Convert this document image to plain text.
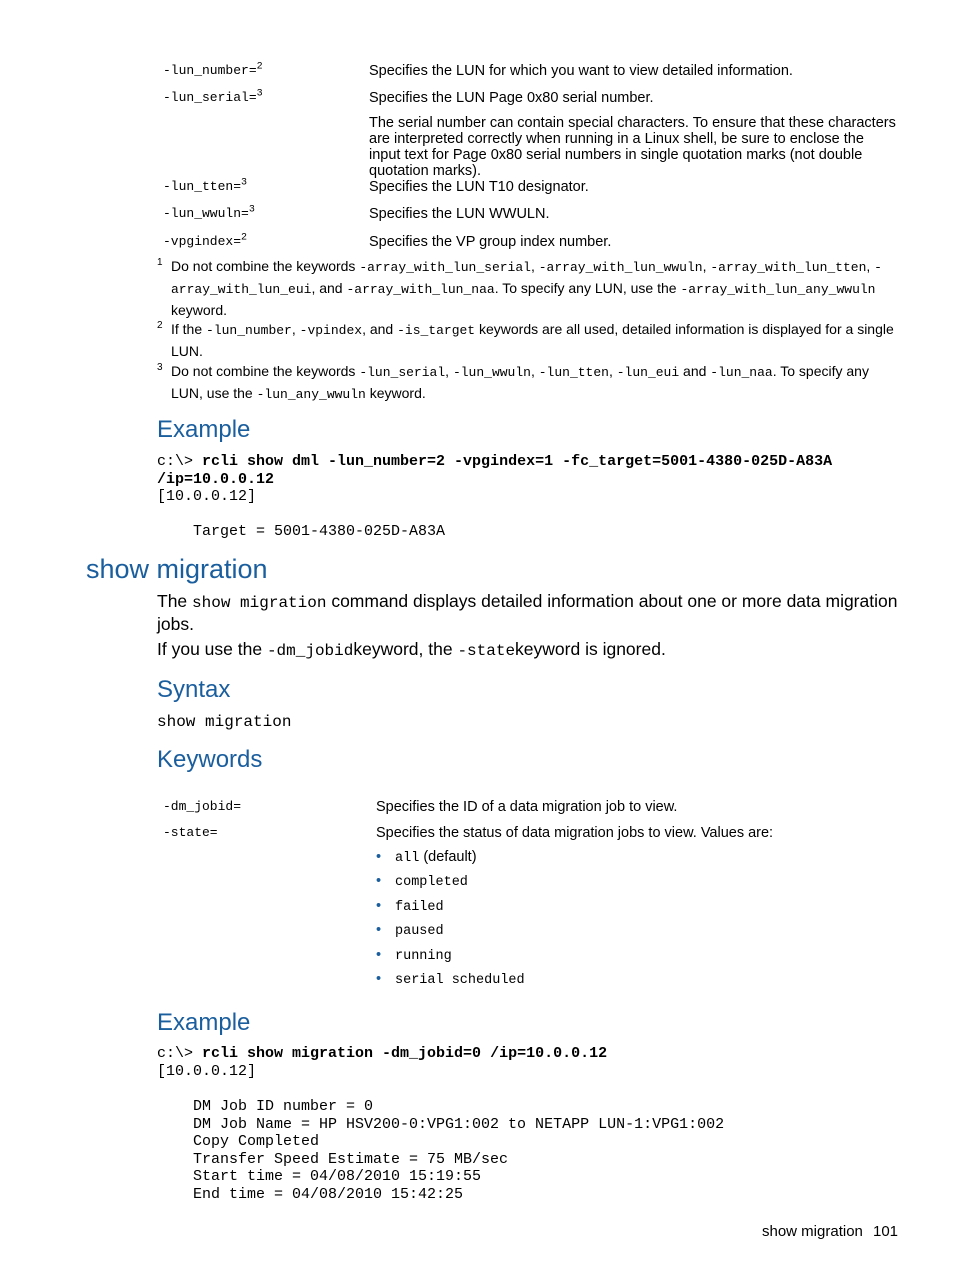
-lun_number=$^2$	Specifies the LUN for which you want to view detailed information.
-lun_serial=$^3$	Specifies the LUN Page 0x80 serial number.
The serial number can contain special characters. To ensure that these characters are interpreted correctly when running in a Linux shell, be sure to enclose the input text for Page 0x80 serial numbers in single quotation marks (not double quotation marks).
-lun_tten=$^3$	Specifies the LUN T10 designator.
-lun_wwuln=$^3$	Specifies the LUN WWULN.
-vpgindex=$^2$	Specifies the VP group index number.
1 Do not combine the keywords -array_with_lun_serial, -array_with_lun_wwuln, -array_with_lun_tten, -array_with_lun_eui, and -array_with_lun_naa. To specify any LUN, use the -array_with_lun_any_wwuln keyword.
2 If the -lun_number, -vpindex, and -is_target keywords are all used, detailed information is displayed for a single LUN.
3 Do not combine the keywords -lun_serial, -lun_wwuln, -lun_tten, -lun_eui and -lun_naa. To specify any LUN, use the -lun_any_wwuln keyword.
Example
c:\> rcli show dml -lun_number=2 -vpgindex=1 -fc_target=5001-4380-025D-A83A
/ip=10.0.0.12
[10.0.0.12]

Target = 5001-4380-025D-A83A
show migration
The show migration command displays detailed information about one or more data migration jobs.
If you use the -dm_jobidkeyword, the -statekeyword is ignored.
Syntax
show migration
Keywords
-dm_jobid=	Specifies the ID of a data migration job to view.
-state=	Specifies the status of data migration jobs to view. Values are:
• all (default)
• completed
• failed
• paused
• running
• serial scheduled
Example
c:\> rcli show migration -dm_jobid=0 /ip=10.0.0.12
[10.0.0.12]

DM Job ID number = 0
DM Job Name = HP HSV200-0:VPG1:002 to NETAPP LUN-1:VPG1:002
Copy Completed
Transfer Speed Estimate = 75 MB/sec
Start time = 04/08/2010 15:19:55
End time = 04/08/2010 15:42:25
show migration 101
